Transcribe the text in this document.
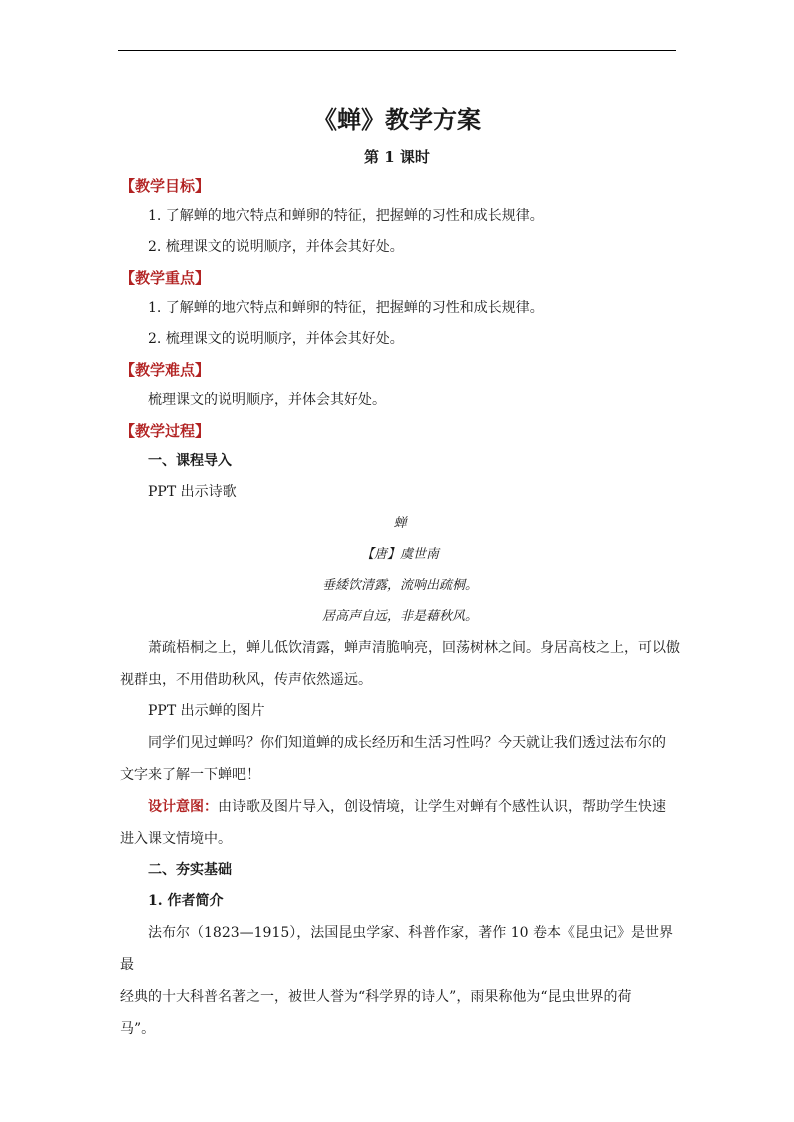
《蝉》教学方案
第 1 课时
【教学目标】
1. 了解蝉的地穴特点和蝉卵的特征，把握蝉的习性和成长规律。
2. 梳理课文的说明顺序，并体会其好处。
【教学重点】
1. 了解蝉的地穴特点和蝉卵的特征，把握蝉的习性和成长规律。
2. 梳理课文的说明顺序，并体会其好处。
【教学难点】
梳理课文的说明顺序，并体会其好处。
【教学过程】
一、课程导入
PPT 出示诗歌
蝉
【唐】虞世南
垂緌饮清露，流响出疏桐。
居高声自远，非是藉秋风。

萧疏梧桐之上，蝉儿低饮清露，蝉声清脆响亮，回荡树林之间。身居高枝之上，可以傲
视群虫，不用借助秋风，传声依然遥远。

PPT 出示蝉的图片

同学们见过蝉吗？你们知道蝉的成长经历和生活习性吗？今天就让我们透过法布尔的
文字来了解一下蝉吧！

设计意图：由诗歌及图片导入，创设情境，让学生对蝉有个感性认识，帮助学生快速
进入课文情境中。

二、夯实基础
1. 作者简介

法布尔（1823—1915），法国昆虫学家、科普作家，著作 10 卷本《昆虫记》是世界最
经典的十大科普名著之一，被世人誉为“科学界的诗人”，雨果称他为“昆虫世界的荷
马”。
